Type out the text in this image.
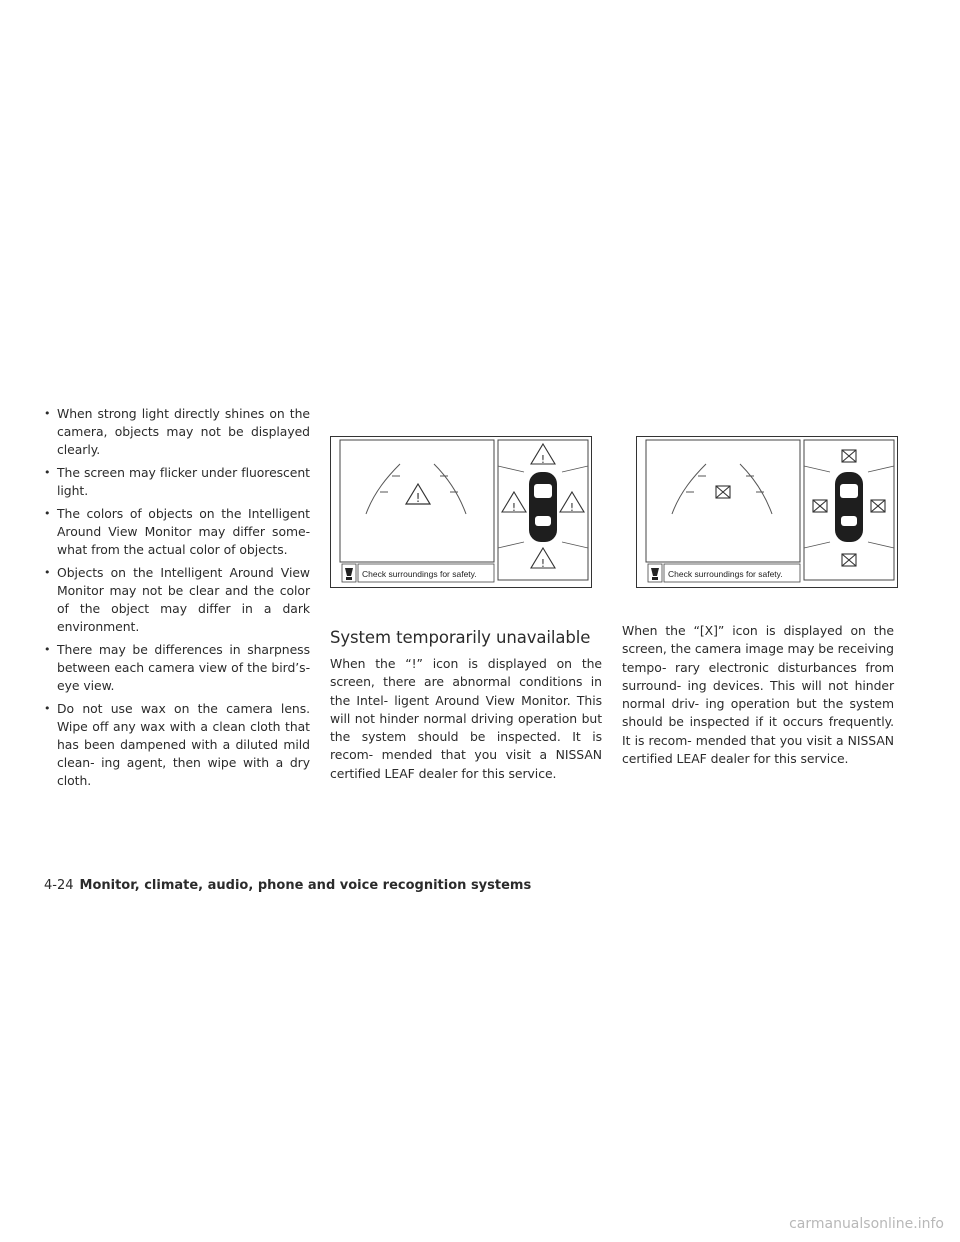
• When strong light directly shines on the camera, objects may not be displayed clearly.
• The screen may flicker under fluorescent light.
• The colors of objects on the Intelligent Around View Monitor may differ some- what from the actual color of objects.
• Objects on the Intelligent Around View Monitor may not be clear and the color of the object may differ in a dark environment.
• There may be differences in sharpness between each camera view of the bird’s- eye view.
• Do not use wax on the camera lens. Wipe off any wax with a clean cloth that has been dampened with a diluted mild clean- ing agent, then wipe with a dry cloth.
!
!
!	!
!
Check surroundings for safety.
System temporarily unavailable

When the “!” icon is displayed on the screen, there are abnormal conditions in the Intel- ligent Around View Monitor. This will not hinder normal driving operation but the system should be inspected. It is recom- mended that you visit a NISSAN certified LEAF dealer for this service.

Check surroundings for safety.

When the “[X]” icon is displayed on the screen, the camera image may be receiving tempo- rary electronic disturbances from surround- ing devices. This will not hinder normal driv- ing operation but the system should be inspected if it occurs frequently. It is recom- mended that you visit a NISSAN certified LEAF dealer for this service.

4-24 Monitor, climate, audio, phone and voice recognition systems
carmanualsonline.info
